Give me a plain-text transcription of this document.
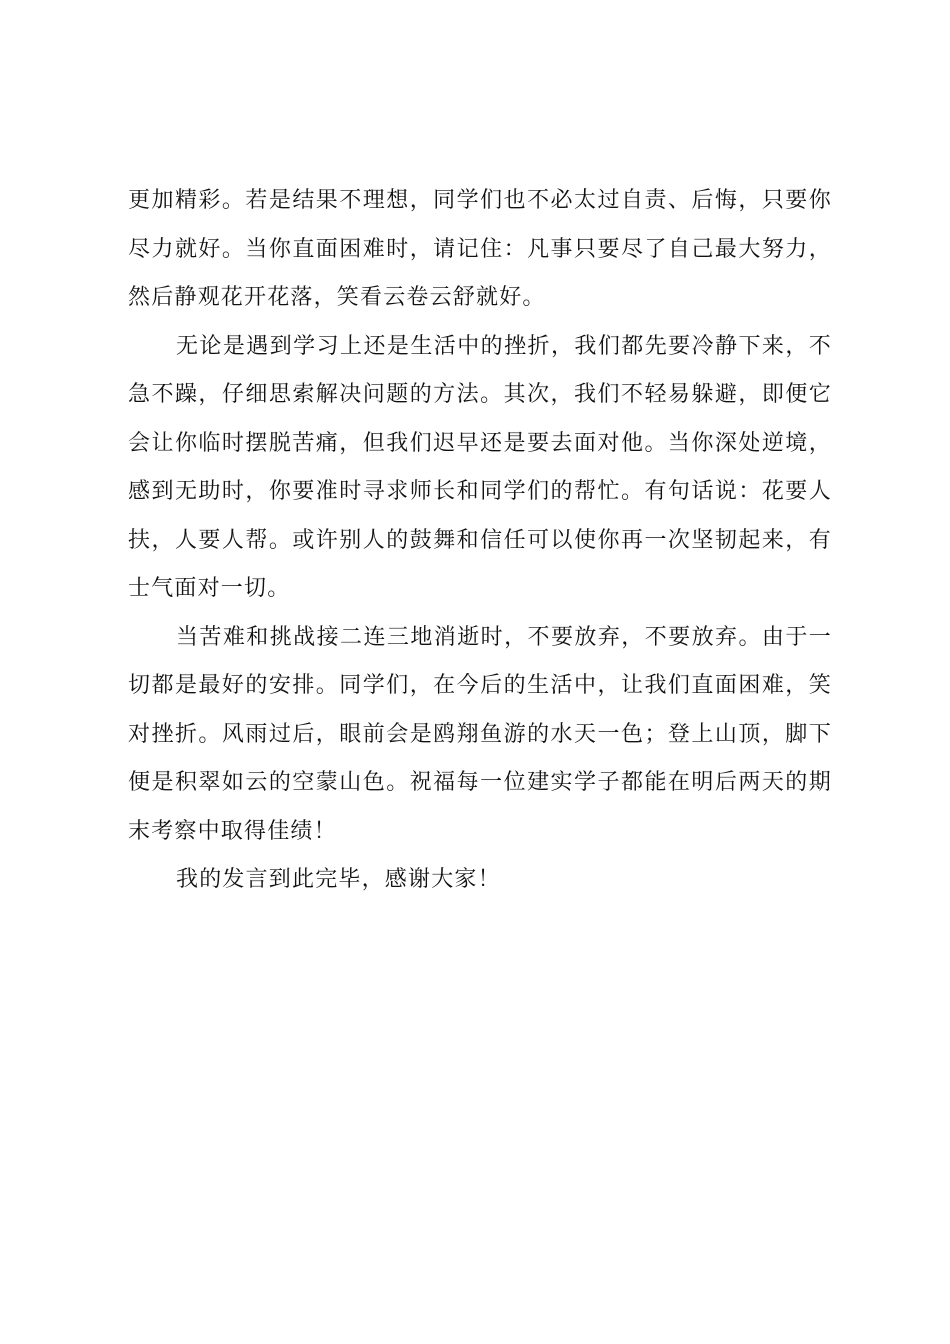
更加精彩。若是结果不理想，同学们也不必太过自责、后悔，只要你尽力就好。当你直面困难时，请记住：凡事只要尽了自己最大努力，然后静观花开花落，笑看云卷云舒就好。

无论是遇到学习上还是生活中的挫折，我们都先要冷静下来，不急不躁，仔细思索解决问题的方法。其次，我们不轻易躲避，即便它会让你临时摆脱苦痛，但我们迟早还是要去面对他。当你深处逆境，感到无助时，你要准时寻求师长和同学们的帮忙。有句话说：花要人扶，人要人帮。或许别人的鼓舞和信任可以使你再一次坚韧起来，有士气面对一切。

当苦难和挑战接二连三地消逝时，不要放弃，不要放弃。由于一切都是最好的安排。同学们，在今后的生活中，让我们直面困难，笑对挫折。风雨过后，眼前会是鸥翔鱼游的水天一色；登上山顶，脚下便是积翠如云的空蒙山色。祝福每一位建实学子都能在明后两天的期末考察中取得佳绩！

我的发言到此完毕，感谢大家！
